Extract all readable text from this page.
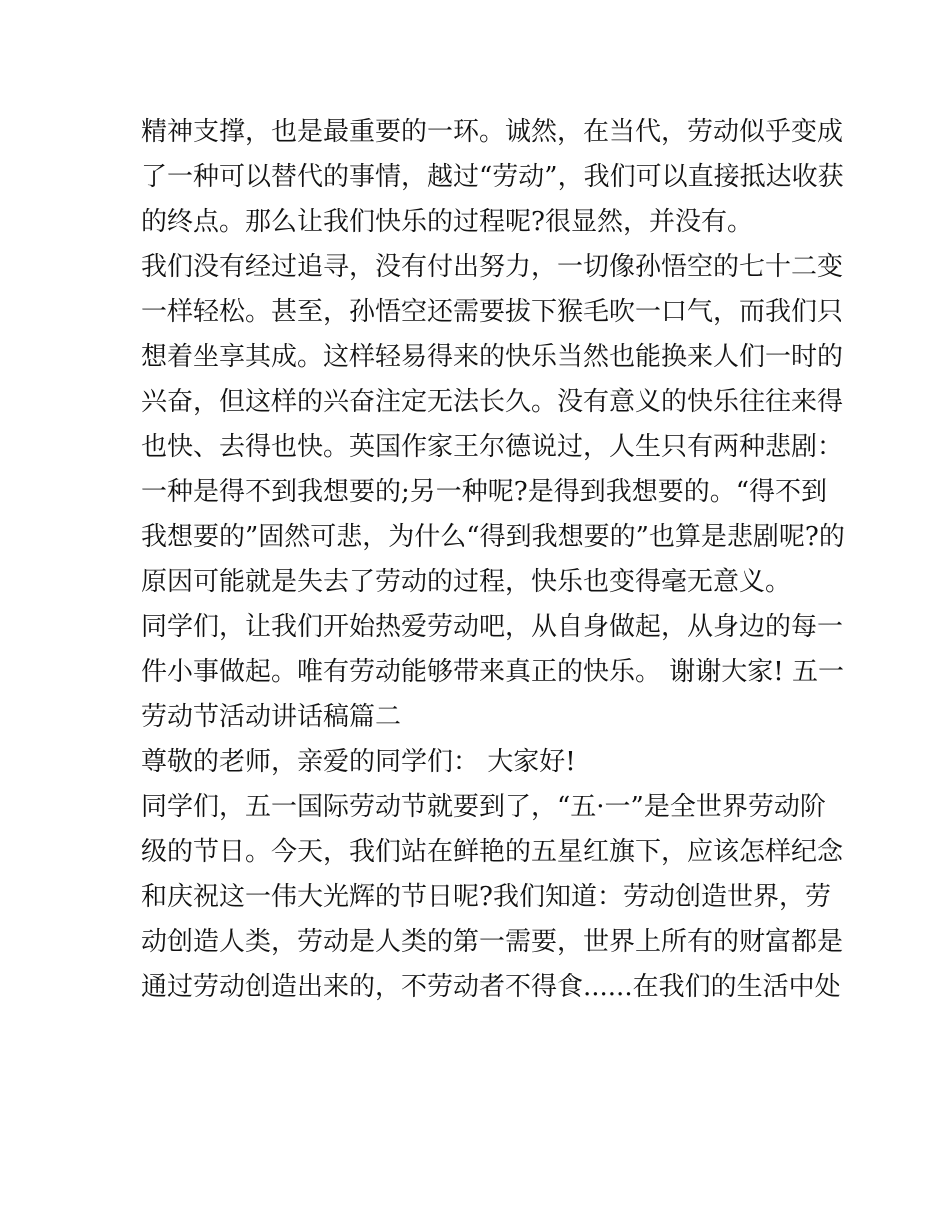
精神支撑，也是最重要的一环。诚然，在当代，劳动似乎变成
了一种可以替代的事情，越过“劳动”，我们可以直接抵达收获
的终点。那么让我们快乐的过程呢?很显然，并没有。
我们没有经过追寻，没有付出努力，一切像孙悟空的七十二变
一样轻松。甚至，孙悟空还需要拔下猴毛吹一口气，而我们只
想着坐享其成。这样轻易得来的快乐当然也能换来人们一时的
兴奋，但这样的兴奋注定无法长久。没有意义的快乐往往来得
也快、去得也快。英国作家王尔德说过，人生只有两种悲剧：
一种是得不到我想要的;另一种呢?是得到我想要的。“得不到
我想要的”固然可悲，为什么“得到我想要的”也算是悲剧呢?的
原因可能就是失去了劳动的过程，快乐也变得毫无意义。
同学们，让我们开始热爱劳动吧，从自身做起，从身边的每一
件小事做起。唯有劳动能够带来真正的快乐。 谢谢大家! 五一
劳动节活动讲话稿篇二
尊敬的老师，亲爱的同学们： 大家好!
同学们，五一国际劳动节就要到了，“五·一”是全世界劳动阶
级的节日。今天，我们站在鲜艳的五星红旗下，应该怎样纪念
和庆祝这一伟大光辉的节日呢?我们知道：劳动创造世界，劳
动创造人类，劳动是人类的第一需要，世界上所有的财富都是
通过劳动创造出来的，不劳动者不得食......在我们的生活中处
